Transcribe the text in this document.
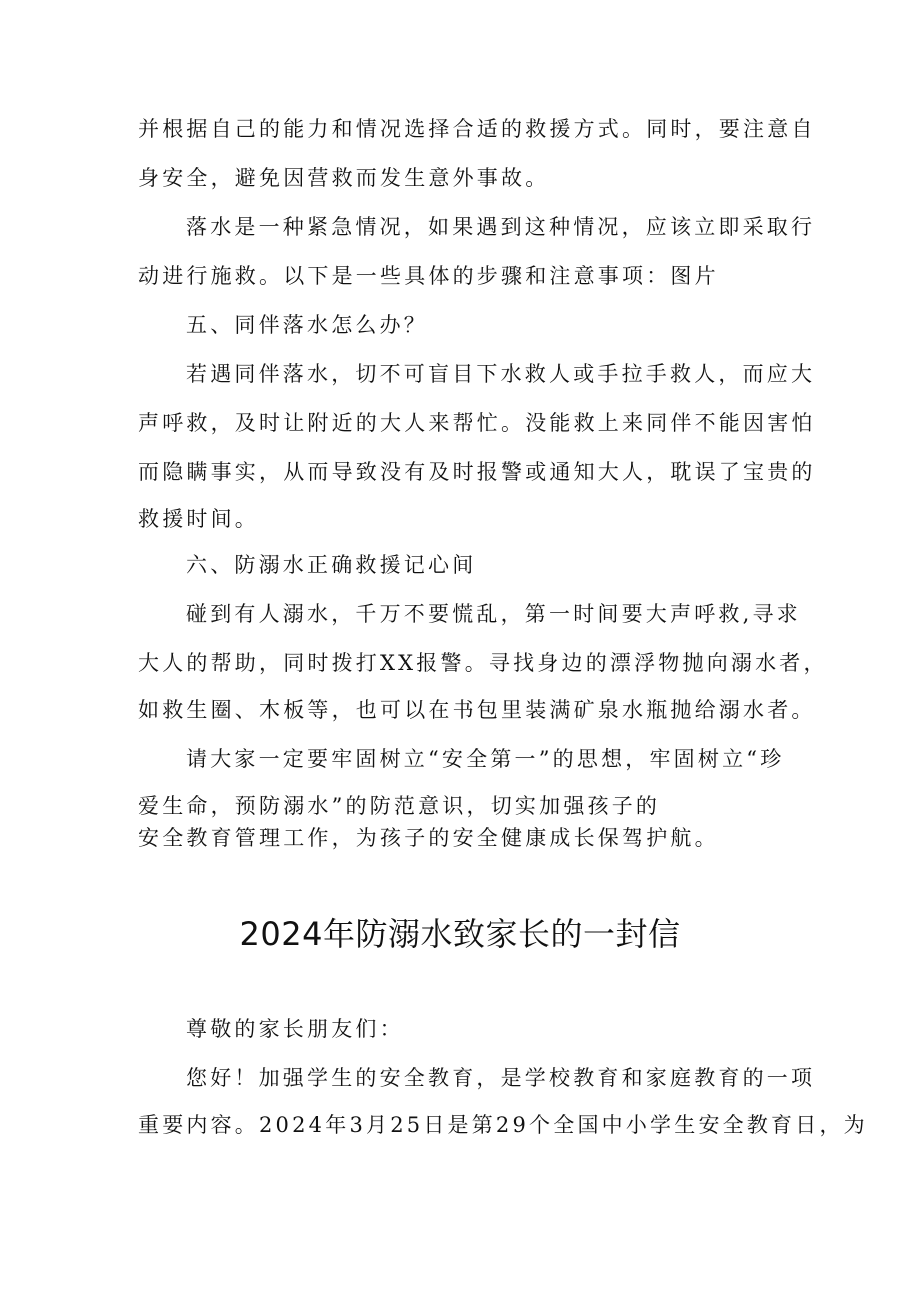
并根据自己的能力和情况选择合适的救援方式。同时，要注意自
身安全，避免因营救而发生意外事故。
落水是一种紧急情况，如果遇到这种情况，应该立即采取行
动进行施救。以下是一些具体的步骤和注意事项：图片
五、同伴落水怎么办？
若遇同伴落水，切不可盲目下水救人或手拉手救人，而应大
声呼救，及时让附近的大人来帮忙。没能救上来同伴不能因害怕
而隐瞒事实，从而导致没有及时报警或通知大人，耽误了宝贵的
救援时间。
六、防溺水正确救援记心间
碰到有人溺水，千万不要慌乱，第一时间要大声呼救,寻求
大人的帮助，同时拨打XX报警。寻找身边的漂浮物抛向溺水者，
如救生圈、木板等，也可以在书包里装满矿泉水瓶抛给溺水者。
请大家一定要牢固树立“安全第一”的思想，牢固树立“珍
爱生命，预防溺水”的防范意识，切实加强孩子的
安全教育管理工作，为孩子的安全健康成长保驾护航。
2024年防溺水致家长的一封信
尊敬的家长朋友们：
您好！加强学生的安全教育，是学校教育和家庭教育的一项
重要内容。2024年3月25日是第29个全国中小学生安全教育日，为
